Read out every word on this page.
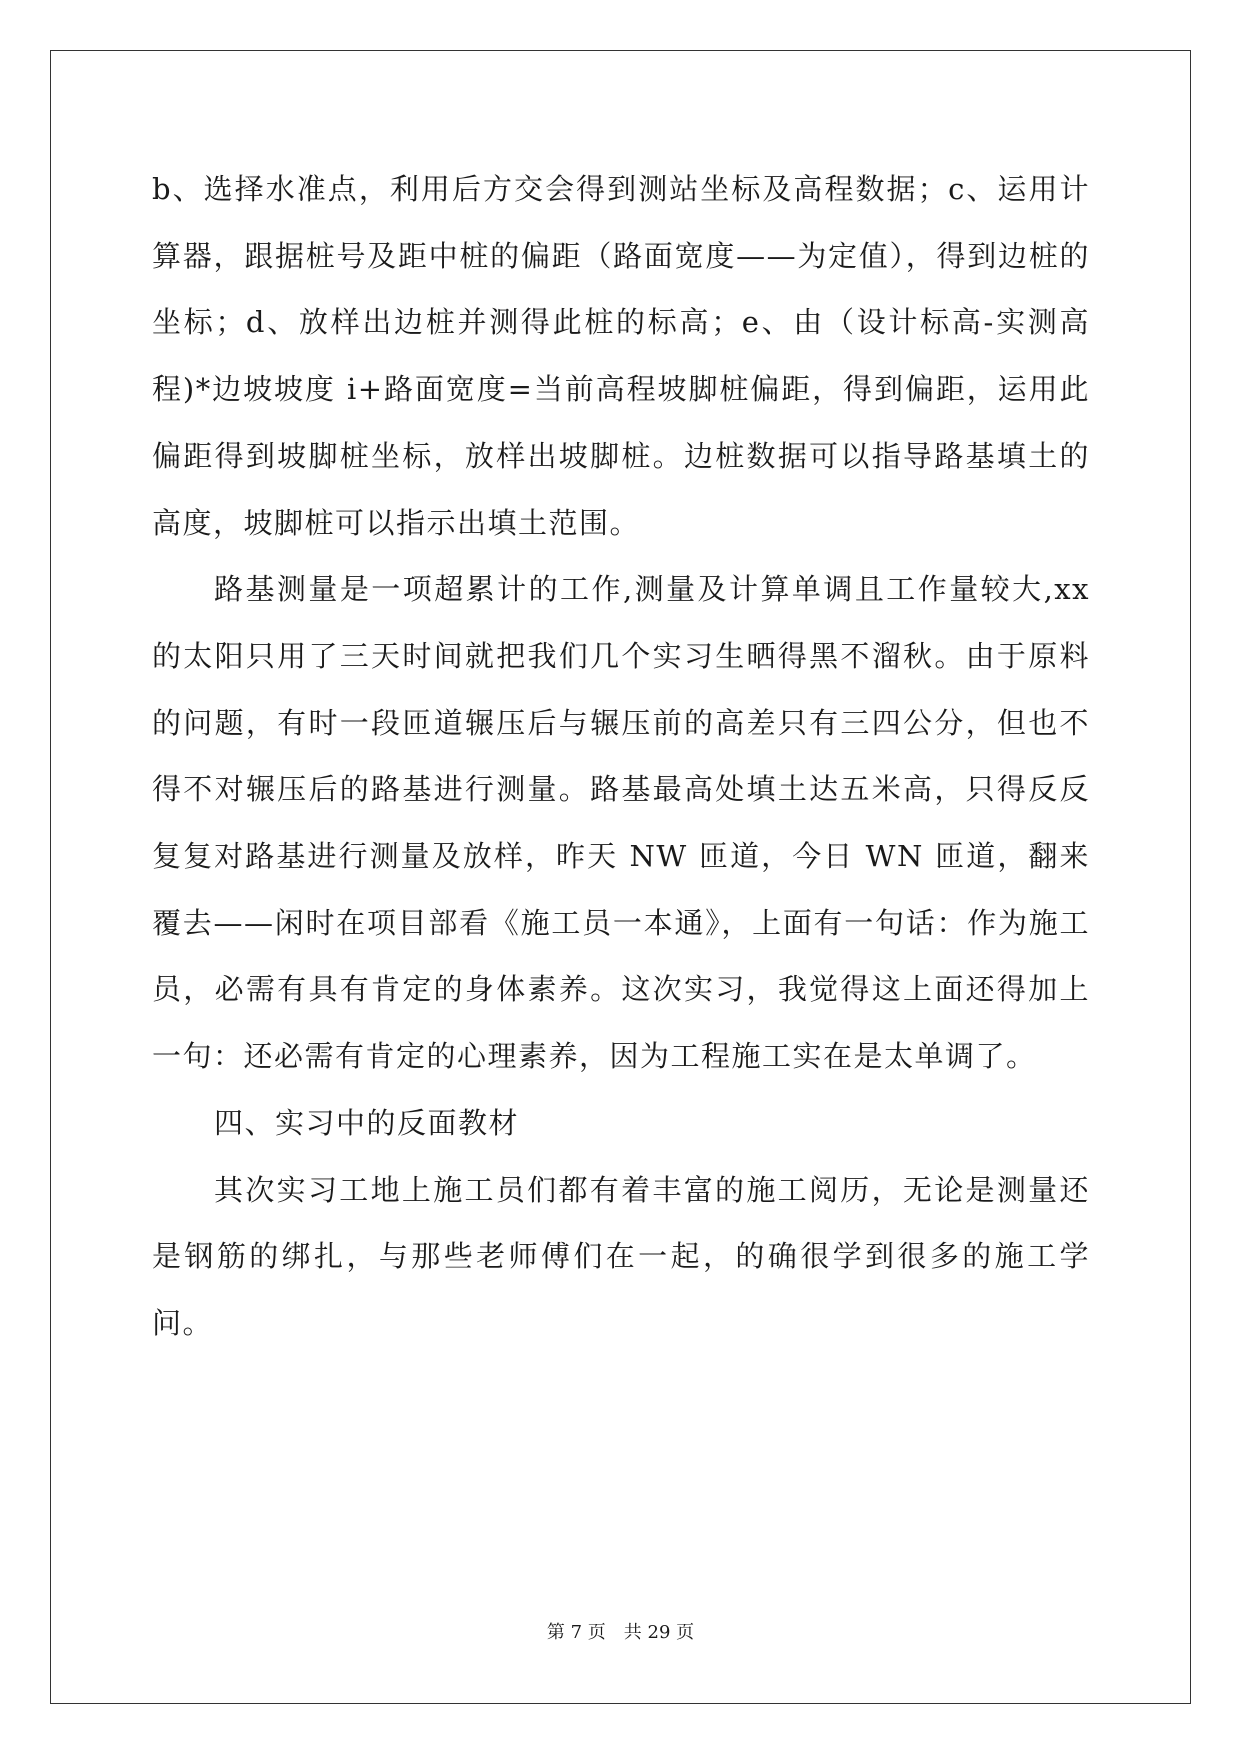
b、选择水准点，利用后方交会得到测站坐标及高程数据；c、运用计算器，跟据桩号及距中桩的偏距（路面宽度——为定值），得到边桩的坐标；d、放样出边桩并测得此桩的标高；e、由（设计标高-实测高程)*边坡坡度 i+路面宽度=当前高程坡脚桩偏距，得到偏距，运用此偏距得到坡脚桩坐标，放样出坡脚桩。边桩数据可以指导路基填土的高度，坡脚桩可以指示出填土范围。

路基测量是一项超累计的工作,测量及计算单调且工作量较大,xx的太阳只用了三天时间就把我们几个实习生晒得黑不溜秋。由于原料的问题，有时一段匝道辗压后与辗压前的高差只有三四公分，但也不得不对辗压后的路基进行测量。路基最高处填土达五米高，只得反反复复对路基进行测量及放样，昨天 NW 匝道，今日 WN 匝道，翻来覆去——闲时在项目部看《施工员一本通》，上面有一句话：作为施工员，必需有具有肯定的身体素养。这次实习，我觉得这上面还得加上一句：还必需有肯定的心理素养，因为工程施工实在是太单调了。

四、实习中的反面教材

其次实习工地上施工员们都有着丰富的施工阅历，无论是测量还是钢筋的绑扎，与那些老师傅们在一起，的确很学到很多的施工学问。

第 7 页　共 29 页
